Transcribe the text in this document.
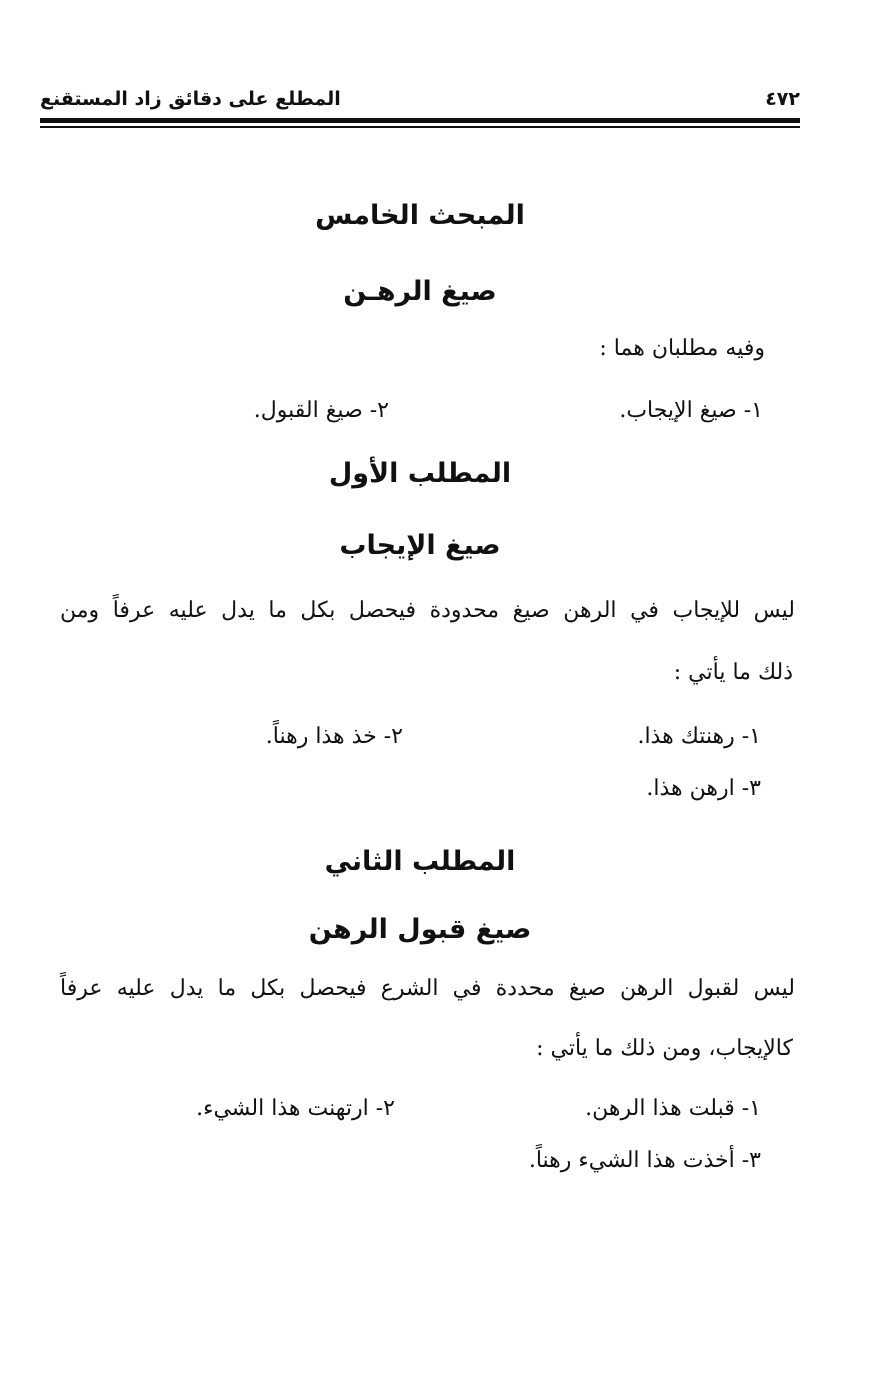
٤٧٢
المطلع على دقائق زاد المستقنع
المبحث الخامس
صيغ الرهـن
وفيه مطلبان هما :
١- صيغ الإيجاب.
٢- صيغ القبول.
المطلب الأول
صيغ الإيجاب
ليس للإيجاب في الرهن صيغ محدودة فيحصل بكل ما يدل عليه عرفاً ومن
ذلك ما يأتي :
١- رهنتك هذا.
٢- خذ هذا رهناً.
٣- ارهن هذا.
المطلب الثاني
صيغ قبول الرهن
ليس لقبول الرهن صيغ محددة في الشرع فيحصل بكل ما يدل عليه عرفاً
كالإيجاب، ومن ذلك ما يأتي :
١- قبلت هذا الرهن.
٢- ارتهنت هذا الشيء.
٣- أخذت هذا الشيء رهناً.
